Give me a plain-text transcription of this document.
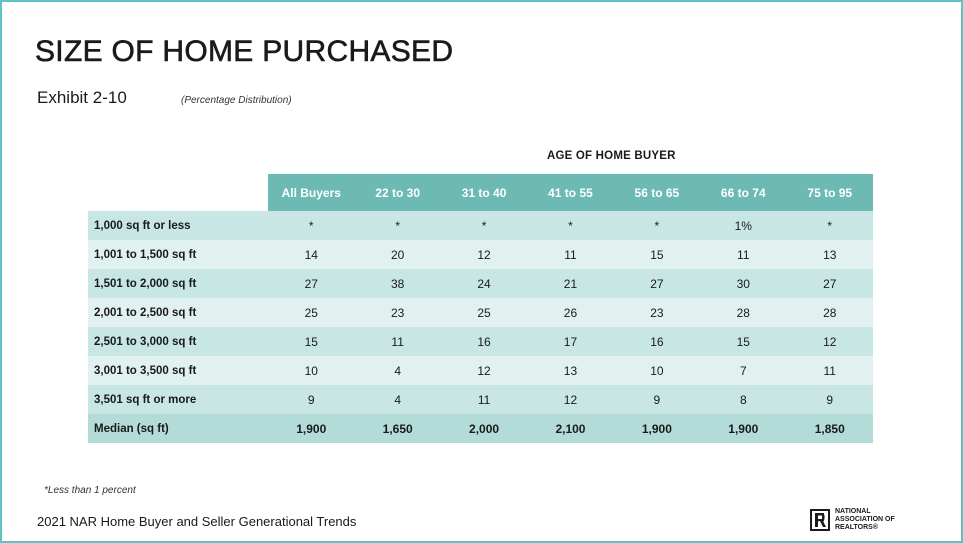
SIZE OF HOME PURCHASED
Exhibit 2-10	(Percentage Distribution)
AGE OF HOME BUYER
	All Buyers	22 to 30	31 to 40	41 to 55	56 to 65	66 to 74	75 to 95
1,000 sq ft or less	*	*	*	*	*	1%	*
1,001 to 1,500 sq ft	14	20	12	11	15	11	13
1,501 to 2,000 sq ft	27	38	24	21	27	30	27
2,001 to 2,500 sq ft	25	23	25	26	23	28	28
2,501 to 3,000 sq ft	15	11	16	17	16	15	12
3,001 to 3,500 sq ft	10	4	12	13	10	7	11
3,501 sq ft or more	9	4	11	12	9	8	9
Median (sq ft)	1,900	1,650	2,000	2,100	1,900	1,900	1,850
*Less than 1 percent
2021 NAR Home Buyer and Seller Generational Trends
NATIONAL
ASSOCIATION OF
REALTORS®
